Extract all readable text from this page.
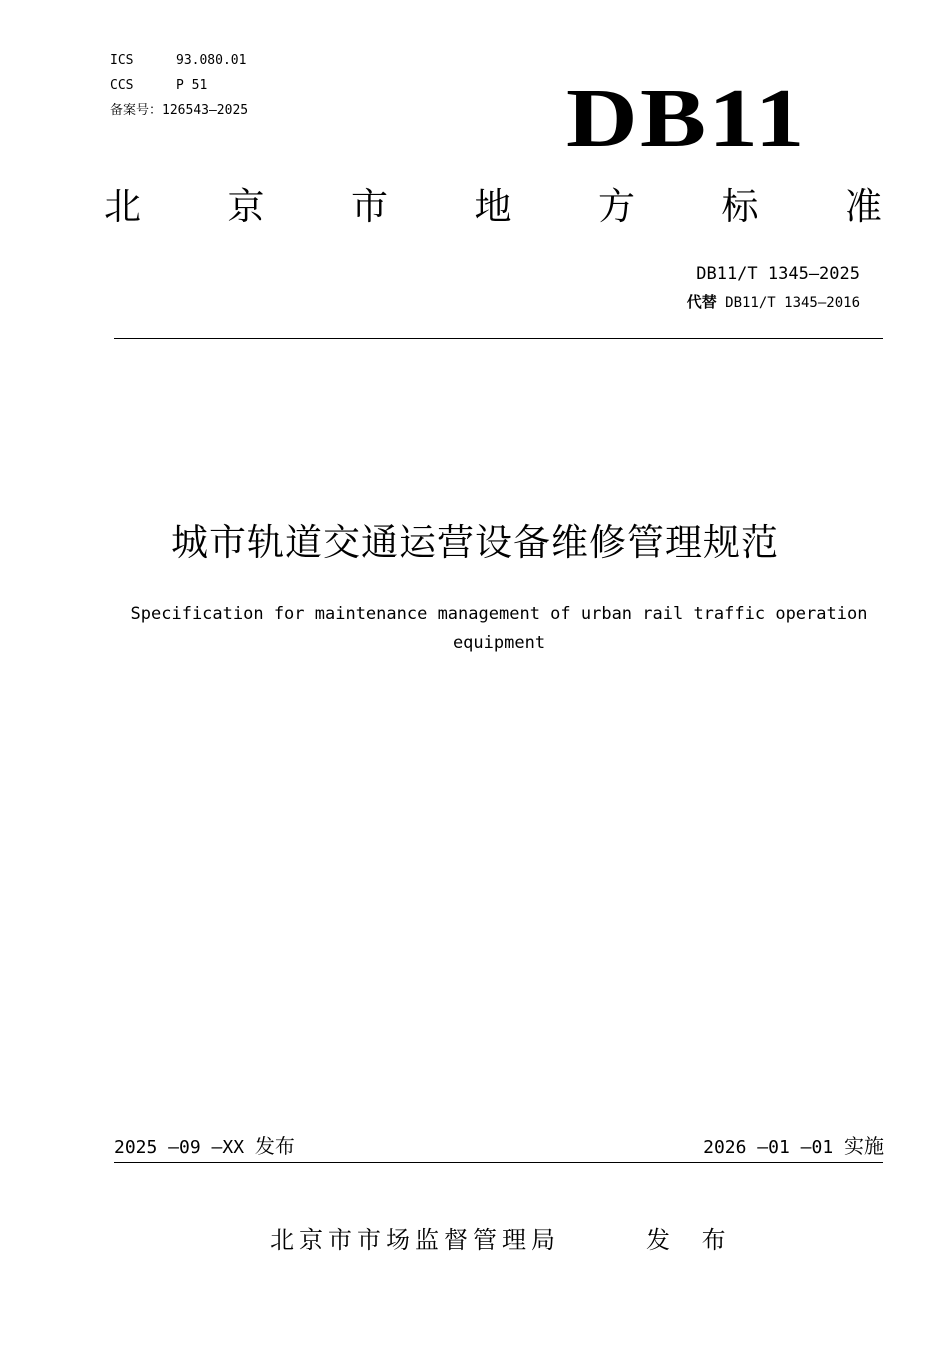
ICS	93.080.01
CCS	P 51
备案号： 126543—2025	DB11
北 京 市 地 方 标 准
DB11/T 1345—2025
代替 DB11/T 1345—2016
城市轨道交通运营设备维修管理规范
Specification for maintenance management of urban rail traffic operation equipment
2025 —09 —XX 发布	2026 —01 —01 实施
北京市市场监督管理局	发 布
